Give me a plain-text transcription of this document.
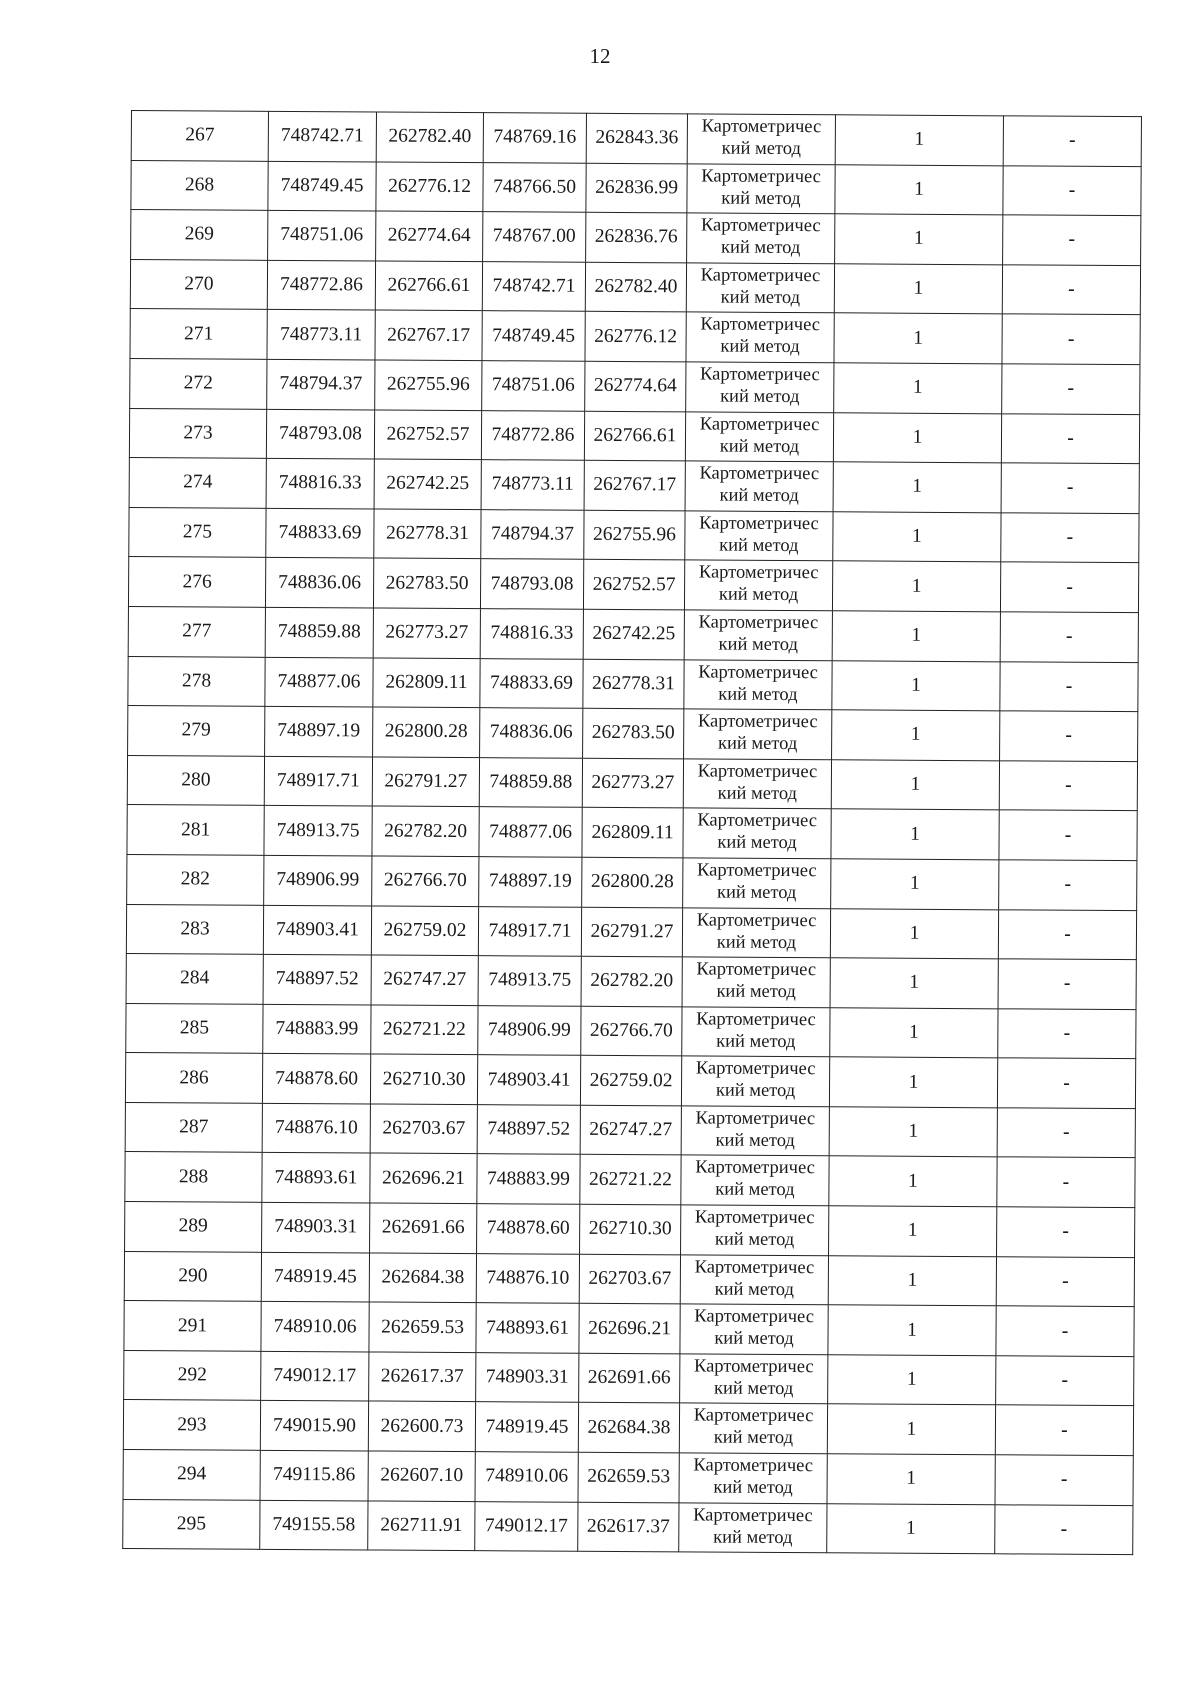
12
267	748742.71	262782.40	748769.16	262843.36	Картометричес кий метод	1	-
268	748749.45	262776.12	748766.50	262836.99	Картометричес кий метод	1	-
269	748751.06	262774.64	748767.00	262836.76	Картометричес кий метод	1	-
270	748772.86	262766.61	748742.71	262782.40	Картометричес кий метод	1	-
271	748773.11	262767.17	748749.45	262776.12	Картометричес кий метод	1	-
272	748794.37	262755.96	748751.06	262774.64	Картометричес кий метод	1	-
273	748793.08	262752.57	748772.86	262766.61	Картометричес кий метод	1	-
274	748816.33	262742.25	748773.11	262767.17	Картометричес кий метод	1	-
275	748833.69	262778.31	748794.37	262755.96	Картометричес кий метод	1	-
276	748836.06	262783.50	748793.08	262752.57	Картометричес кий метод	1	-
277	748859.88	262773.27	748816.33	262742.25	Картометричес кий метод	1	-
278	748877.06	262809.11	748833.69	262778.31	Картометричес кий метод	1	-
279	748897.19	262800.28	748836.06	262783.50	Картометричес кий метод	1	-
280	748917.71	262791.27	748859.88	262773.27	Картометричес кий метод	1	-
281	748913.75	262782.20	748877.06	262809.11	Картометричес кий метод	1	-
282	748906.99	262766.70	748897.19	262800.28	Картометричес кий метод	1	-
283	748903.41	262759.02	748917.71	262791.27	Картометричес кий метод	1	-
284	748897.52	262747.27	748913.75	262782.20	Картометричес кий метод	1	-
285	748883.99	262721.22	748906.99	262766.70	Картометричес кий метод	1	-
286	748878.60	262710.30	748903.41	262759.02	Картометричес кий метод	1	-
287	748876.10	262703.67	748897.52	262747.27	Картометричес кий метод	1	-
288	748893.61	262696.21	748883.99	262721.22	Картометричес кий метод	1	-
289	748903.31	262691.66	748878.60	262710.30	Картометричес кий метод	1	-
290	748919.45	262684.38	748876.10	262703.67	Картометричес кий метод	1	-
291	748910.06	262659.53	748893.61	262696.21	Картометричес кий метод	1	-
292	749012.17	262617.37	748903.31	262691.66	Картометричес кий метод	1	-
293	749015.90	262600.73	748919.45	262684.38	Картометричес кий метод	1	-
294	749115.86	262607.10	748910.06	262659.53	Картометричес кий метод	1	-
295	749155.58	262711.91	749012.17	262617.37	Картометричес кий метод	1	-
